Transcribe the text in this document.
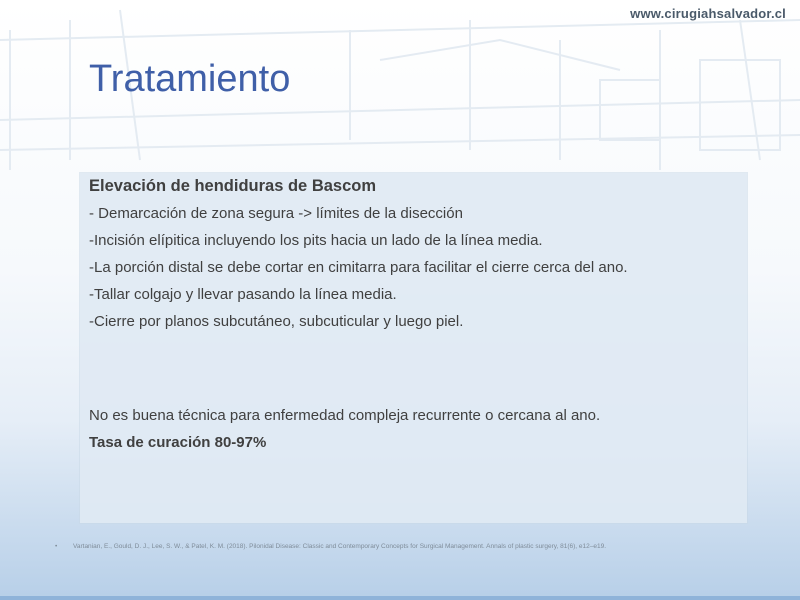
www.cirugiahsalvador.cl
Tratamiento
Elevación de hendiduras de Bascom
- Demarcación de zona segura -> límites de la disección
-Incisión elípitica incluyendo los pits hacia un lado de la línea media.
-La porción distal se debe cortar en cimitarra para facilitar el cierre cerca del ano.
-Tallar colgajo y llevar pasando la línea media.
-Cierre por planos subcutáneo, subcuticular y luego piel.
No es buena técnica para enfermedad compleja recurrente o cercana al ano.
Tasa de curación 80-97%
• Vartanian, E., Gould, D. J., Lee, S. W., & Patel, K. M. (2018). Pilonidal Disease: Classic and Contemporary Concepts for Surgical Management. Annals of plastic surgery, 81(6), e12–e19.
